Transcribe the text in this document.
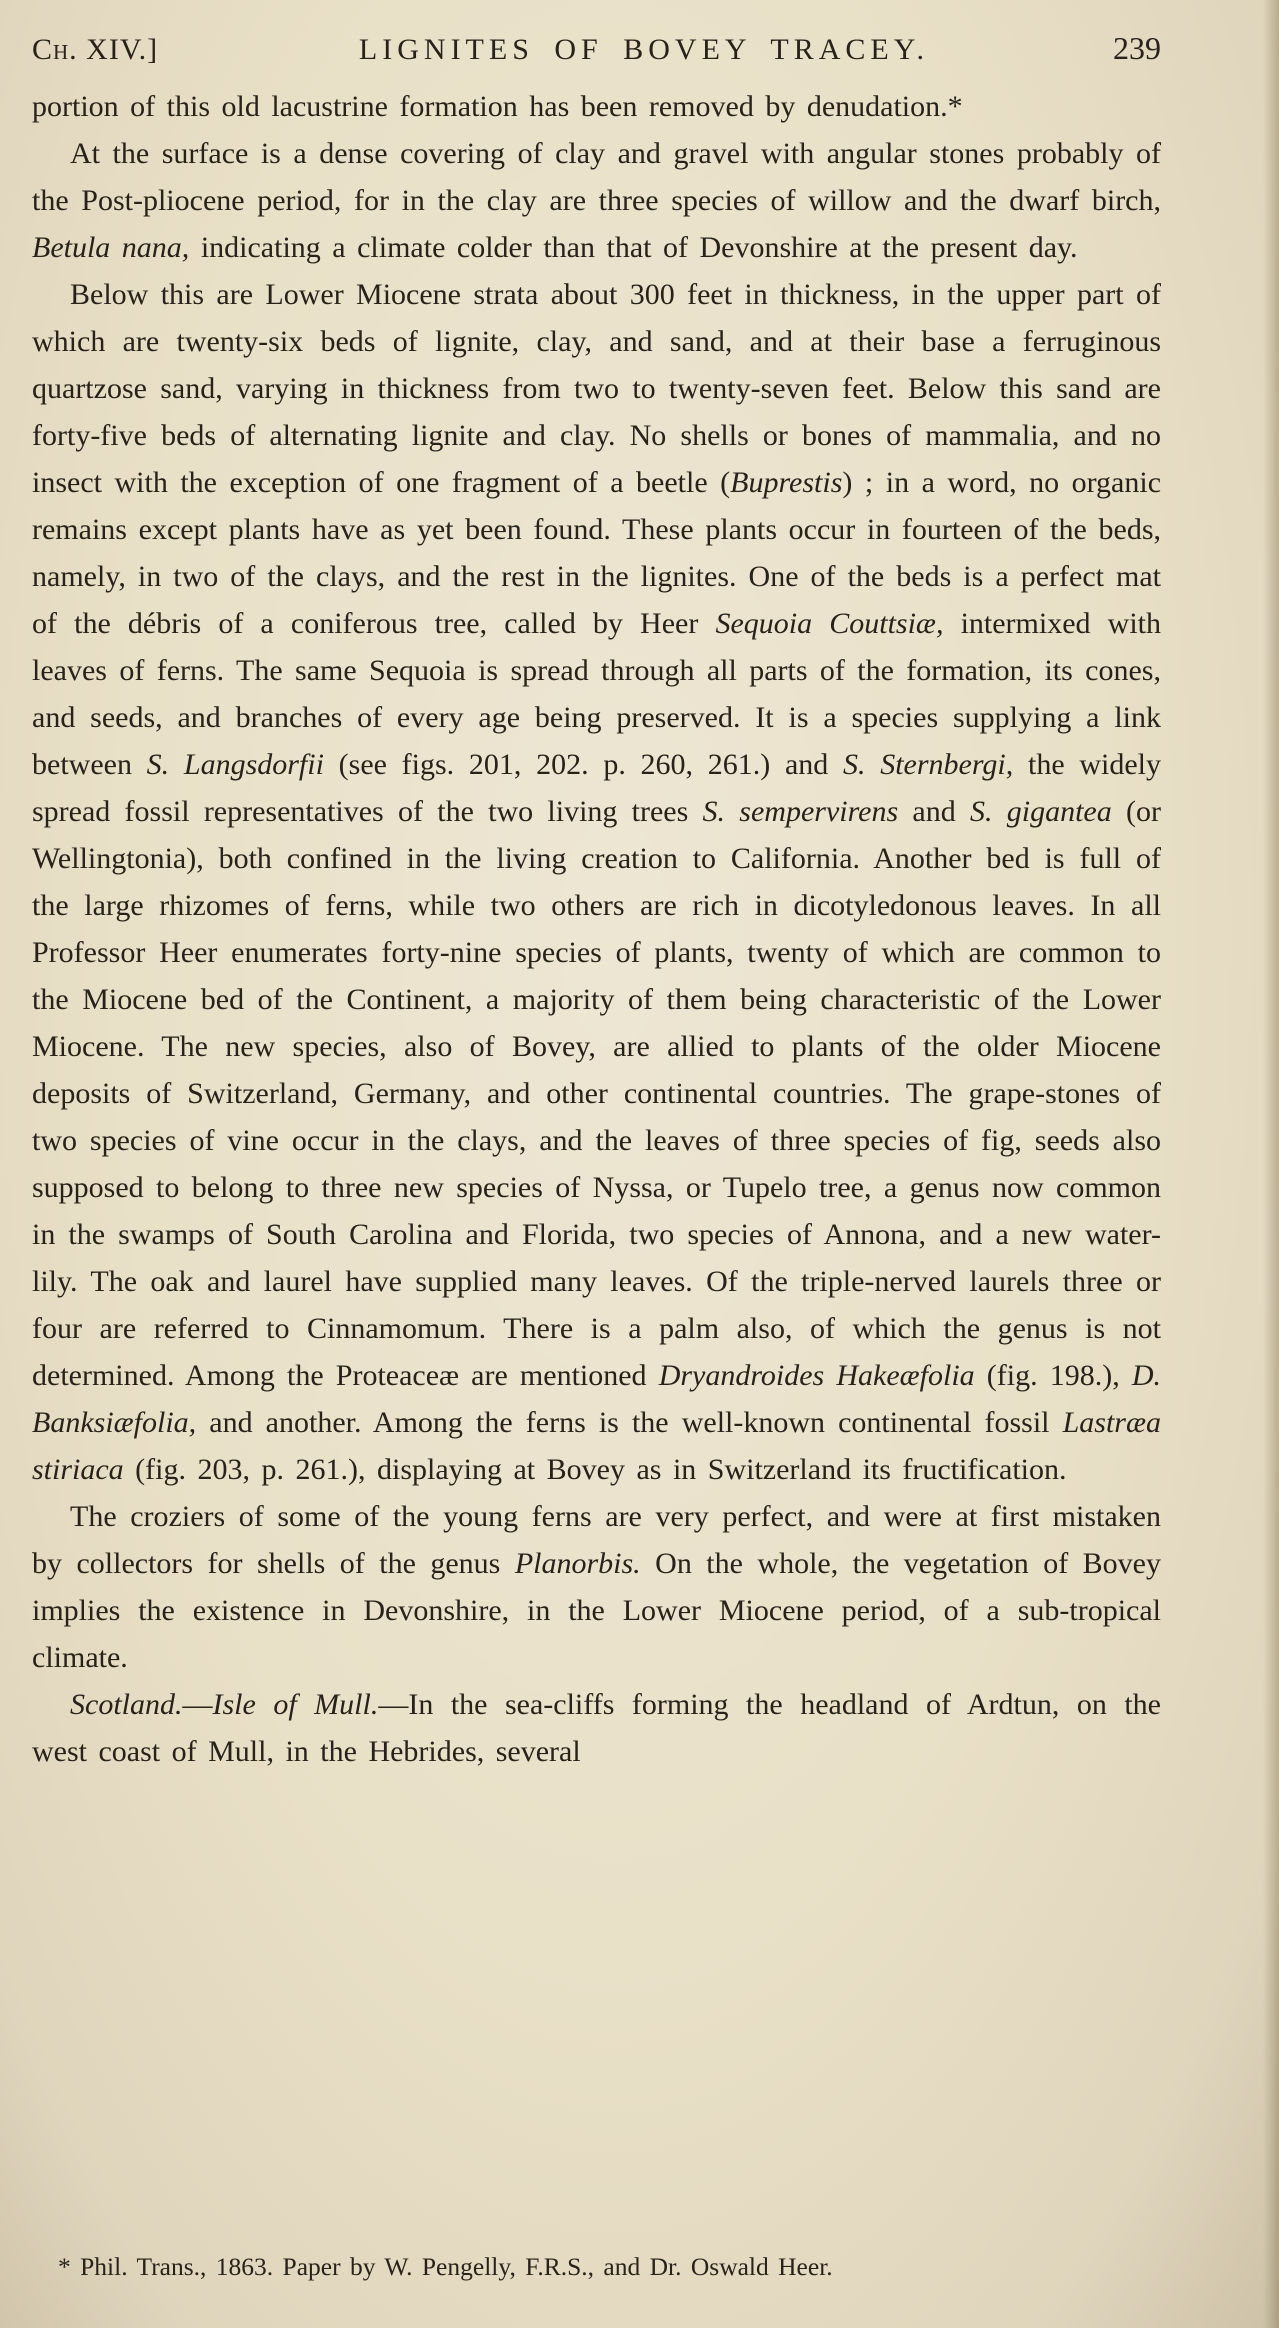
Ch. XIV.]	LIGNITES OF BOVEY TRACEY.	239

portion of this old lacustrine formation has been removed by denudation.*

At the surface is a dense covering of clay and gravel with angular stones probably of the Post-pliocene period, for in the clay are three species of willow and the dwarf birch, Betula nana, indicating a climate colder than that of Devonshire at the present day.

Below this are Lower Miocene strata about 300 feet in thickness, in the upper part of which are twenty-six beds of lignite, clay, and sand, and at their base a ferruginous quartzose sand, varying in thickness from two to twenty-seven feet. Below this sand are forty-five beds of alternating lignite and clay. No shells or bones of mammalia, and no insect with the exception of one fragment of a beetle (Buprestis) ; in a word, no organic remains except plants have as yet been found. These plants occur in fourteen of the beds, namely, in two of the clays, and the rest in the lignites. One of the beds is a perfect mat of the débris of a coniferous tree, called by Heer Sequoia Couttsiæ, intermixed with leaves of ferns. The same Sequoia is spread through all parts of the formation, its cones, and seeds, and branches of every age being preserved. It is a species supplying a link between S. Langsdorfii (see figs. 201, 202. p. 260, 261.) and S. Sternbergi, the widely spread fossil representatives of the two living trees S. sempervirens and S. gigantea (or Wellingtonia), both confined in the living creation to California. Another bed is full of the large rhizomes of ferns, while two others are rich in dicotyledonous leaves. In all Professor Heer enumerates forty-nine species of plants, twenty of which are common to the Miocene bed of the Continent, a majority of them being characteristic of the Lower Miocene. The new species, also of Bovey, are allied to plants of the older Miocene deposits of Switzerland, Germany, and other continental countries. The grape-stones of two species of vine occur in the clays, and the leaves of three species of fig, seeds also supposed to belong to three new species of Nyssa, or Tupelo tree, a genus now common in the swamps of South Carolina and Florida, two species of Annona, and a new water-lily. The oak and laurel have supplied many leaves. Of the triple-nerved laurels three or four are referred to Cinnamomum. There is a palm also, of which the genus is not determined. Among the Proteaceæ are mentioned Dryandroides Hakeæfolia (fig. 198.), D. Banksiæfolia, and another. Among the ferns is the well-known continental fossil Lastræa stiriaca (fig. 203, p. 261.), displaying at Bovey as in Switzerland its fructification.

The croziers of some of the young ferns are very perfect, and were at first mistaken by collectors for shells of the genus Planorbis. On the whole, the vegetation of Bovey implies the existence in Devonshire, in the Lower Miocene period, of a sub-tropical climate.

Scotland.—Isle of Mull.—In the sea-cliffs forming the headland of Ardtun, on the west coast of Mull, in the Hebrides, several

* Phil. Trans., 1863. Paper by W. Pengelly, F.R.S., and Dr. Oswald Heer.
